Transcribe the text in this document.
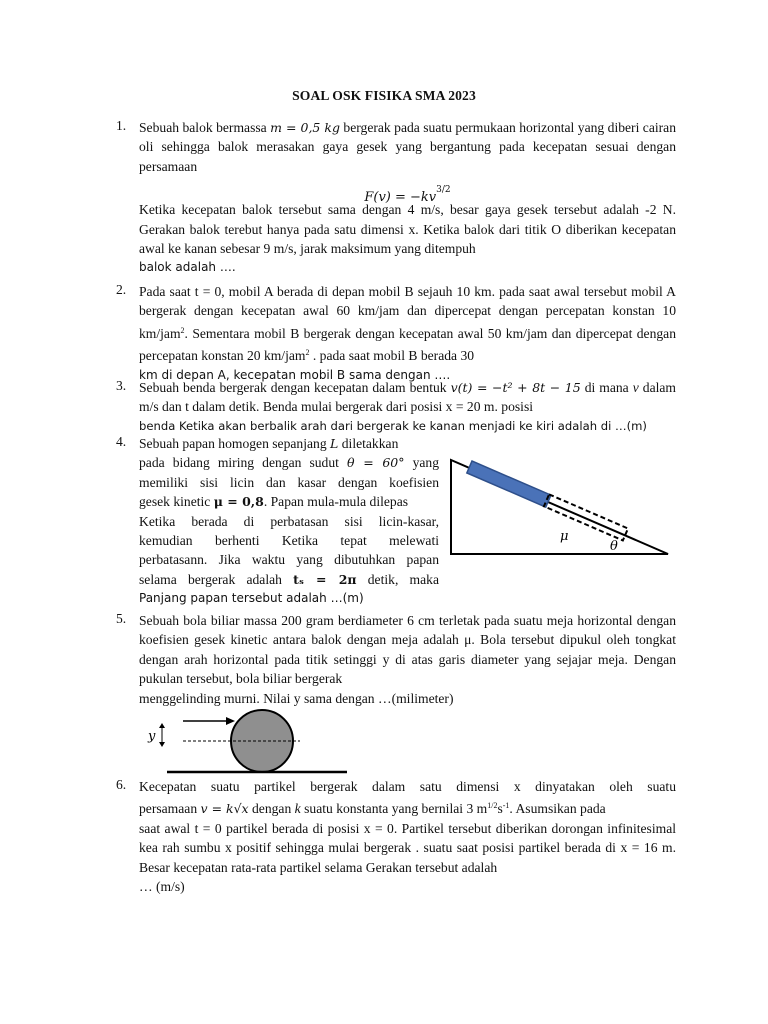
SOAL OSK FISIKA SMA 2023
1. Sebuah balok bermassa m = 0,5 kg bergerak pada suatu permukaan horizontal yang diberi cairan oli sehingga balok merasakan gaya gesek yang bergantung pada kecepatan sesuai dengan persamaan

$F(v) = -kv^{3/2}$

Ketika kecepatan balok tersebut sama dengan 4 m/s, besar gaya gesek tersebut adalah -2 N. Gerakan balok terebut hanya pada satu dimensi x. Ketika balok dari titik O diberikan kecepatan awal ke kanan sebesar 9 m/s, jarak maksimum yang ditempuh

balok adalah ….

2. Pada saat t = 0, mobil A berada di depan mobil B sejauh 10 km. pada saat awal tersebut mobil A bergerak dengan kecepatan awal 60 km/jam dan dipercepat dengan percepatan konstan 10 km/jam$^2$. Sementara mobil B bergerak dengan kecepatan awal 50 km/jam dan dipercepat dengan percepatan konstan 20 km/jam$^2$ . pada saat mobil B berada 30

km di depan A, kecepatan mobil B sama dengan ….

3. Sebuah benda bergerak dengan kecepatan dalam bentuk v(t) = −t² + 8t − 15 di mana v dalam m/s dan t dalam detik. Benda mulai bergerak dari posisi x = 20 m. posisi

benda Ketika akan berbalik arah dari bergerak ke kanan menjadi ke kiri adalah di …(m)

4. Sebuah papan homogen sepanjang L diletakkan

pada bidang miring dengan sudut θ = 60° yang

memiliki sisi licin dan kasar dengan koefisien

gesek kinetic μ = 0,8. Papan mula-mula dilepas

Ketika berada di perbatasan sisi licin-kasar,

kemudian berhenti Ketika tepat melewati

perbatasann. Jika waktu yang dibutuhkan papan

selama bergerak adalah tₛ = 2π detik, maka

Panjang papan tersebut adalah …(m)

μ
θ
5. Sebuah bola biliar massa 200 gram berdiameter 6 cm terletak pada suatu meja horizontal dengan koefisien gesek kinetic antara balok dengan meja adalah μ. Bola tersebut dipukul oleh tongkat dengan arah horizontal pada titik setinggi y di atas garis diameter yang sejajar meja. Dengan pukulan tersebut, bola biliar bergerak

menggelinding murni. Nilai y sama dengan …(milimeter)

y
6. Kecepatan suatu partikel bergerak dalam satu dimensi x dinyatakan oleh suatu

persamaan v = k√x dengan k suatu konstanta yang bernilai 3 $m^{1/2}s^{-1}$. Asumsikan pada

saat awal t = 0 partikel berada di posisi x = 0. Partikel tersebut diberikan dorongan infinitesimal kea rah sumbu x positif sehingga mulai bergerak . suatu saat posisi partikel berada di x = 16 m. Besar kecepatan rata-rata partikel selama Gerakan tersebut adalah

… (m/s)
